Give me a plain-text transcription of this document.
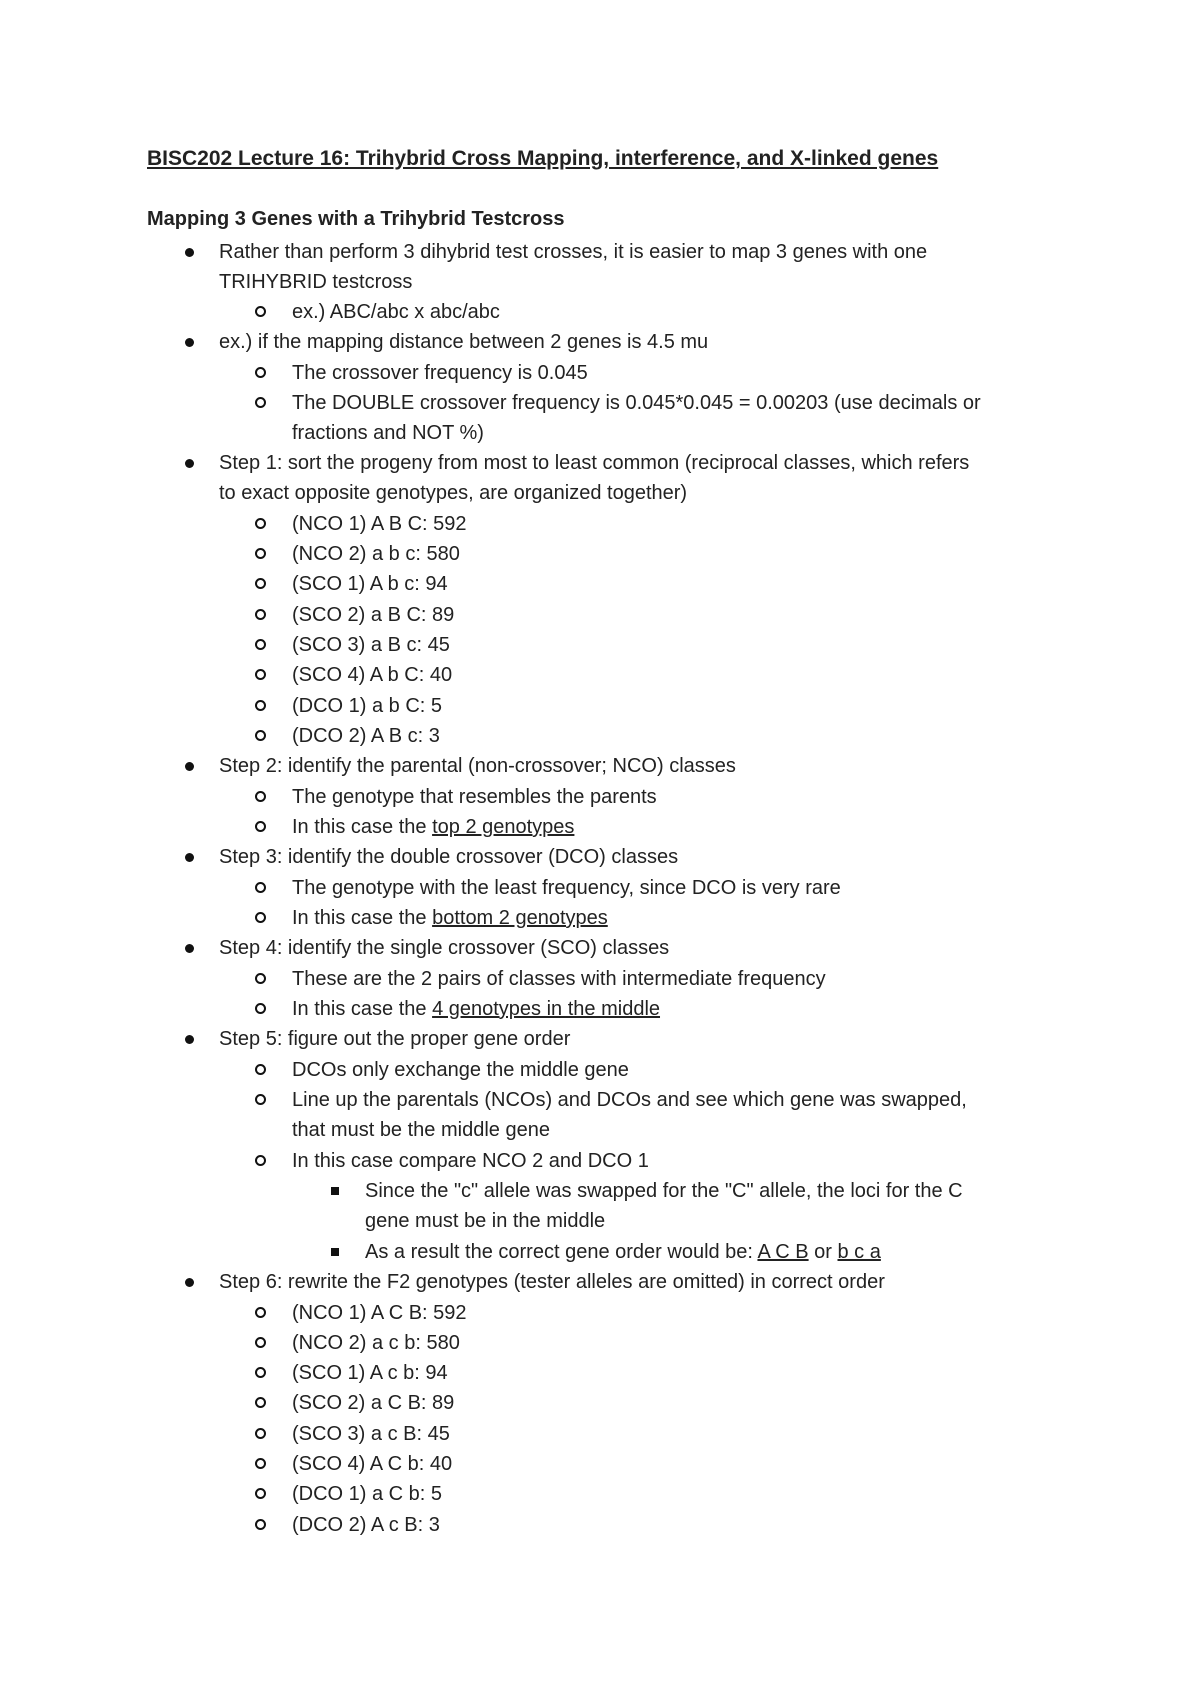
BISC202 Lecture 16: Trihybrid Cross Mapping, interference, and X-linked genes
Mapping 3 Genes with a Trihybrid Testcross
Rather than perform 3 dihybrid test crosses, it is easier to map 3 genes with one
TRIHYBRID testcross
ex.) ABC/abc x abc/abc
ex.) if the mapping distance between 2 genes is 4.5 mu
The crossover frequency is 0.045
The DOUBLE crossover frequency is 0.045*0.045 = 0.00203 (use decimals or
fractions and NOT %)
Step 1: sort the progeny from most to least common (reciprocal classes, which refers
to exact opposite genotypes, are organized together)
(NCO 1) A B C: 592
(NCO 2) a b c: 580
(SCO 1) A b c: 94
(SCO 2) a B C: 89
(SCO 3) a B c: 45
(SCO 4) A b C: 40
(DCO 1) a b C: 5
(DCO 2) A B c: 3
Step 2: identify the parental (non-crossover; NCO) classes
The genotype that resembles the parents
In this case the top 2 genotypes
Step 3: identify the double crossover (DCO) classes
The genotype with the least frequency, since DCO is very rare
In this case the bottom 2 genotypes
Step 4: identify the single crossover (SCO) classes
These are the 2 pairs of classes with intermediate frequency
In this case the 4 genotypes in the middle
Step 5: figure out the proper gene order
DCOs only exchange the middle gene
Line up the parentals (NCOs) and DCOs and see which gene was swapped,
that must be the middle gene
In this case compare NCO 2 and DCO 1
Since the "c" allele was swapped for the "C" allele, the loci for the C
gene must be in the middle
As a result the correct gene order would be: A C B or b c a
Step 6: rewrite the F2 genotypes (tester alleles are omitted) in correct order
(NCO 1) A C B: 592
(NCO 2) a c b: 580
(SCO 1) A c b: 94
(SCO 2) a C B: 89
(SCO 3) a c B: 45
(SCO 4) A C b: 40
(DCO 1) a C b: 5
(DCO 2) A c B: 3
